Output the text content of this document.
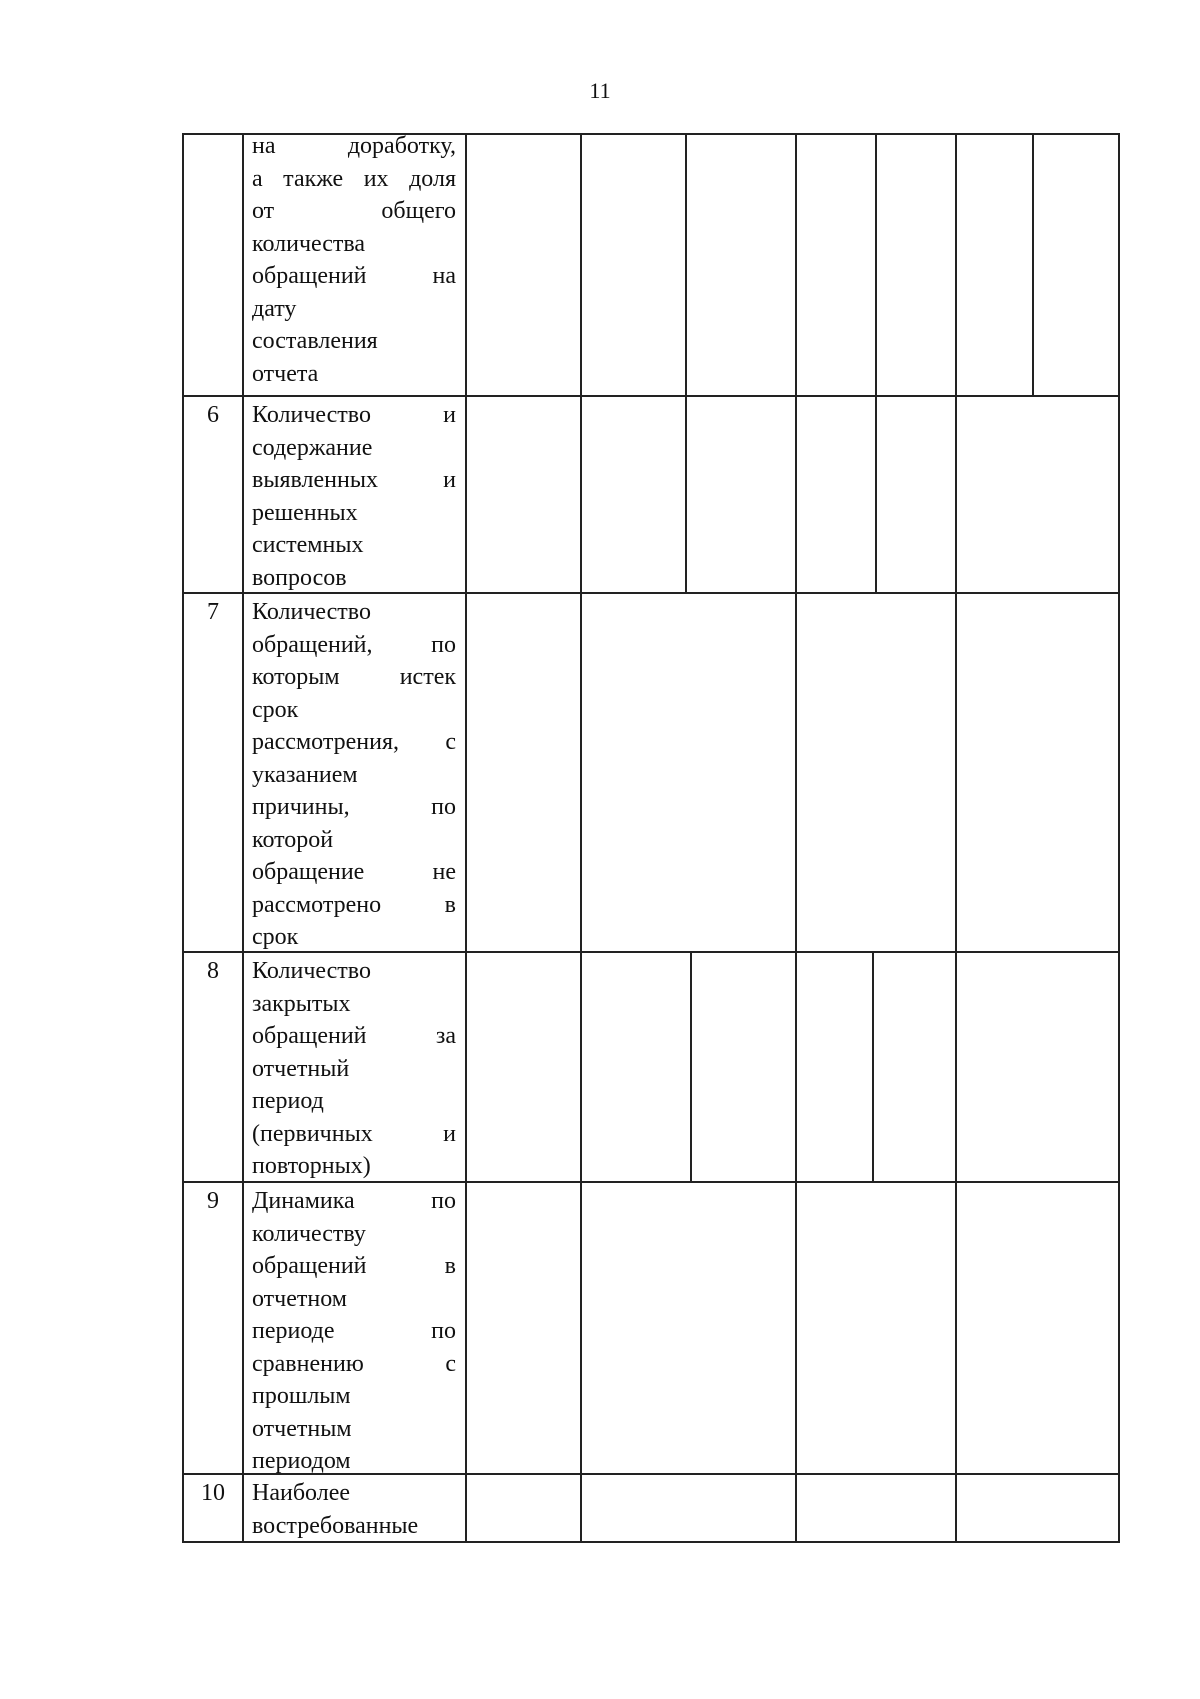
11
на доработку,
а также их доля
от общего
количества
обращений на
дату
составления
отчета
6	Количество и
содержание
выявленных и
решенных
системных
вопросов
7	Количество
обращений, по
которым истек
срок
рассмотрения, с
указанием
причины, по
которой
обращение не
рассмотрено в
срок
8	Количество
закрытых
обращений за
отчетный
период
(первичных и
повторных)
9	Динамика по
количеству
обращений в
отчетном
периоде по
сравнению с
прошлым
отчетным
периодом
10	Наиболее
востребованные
